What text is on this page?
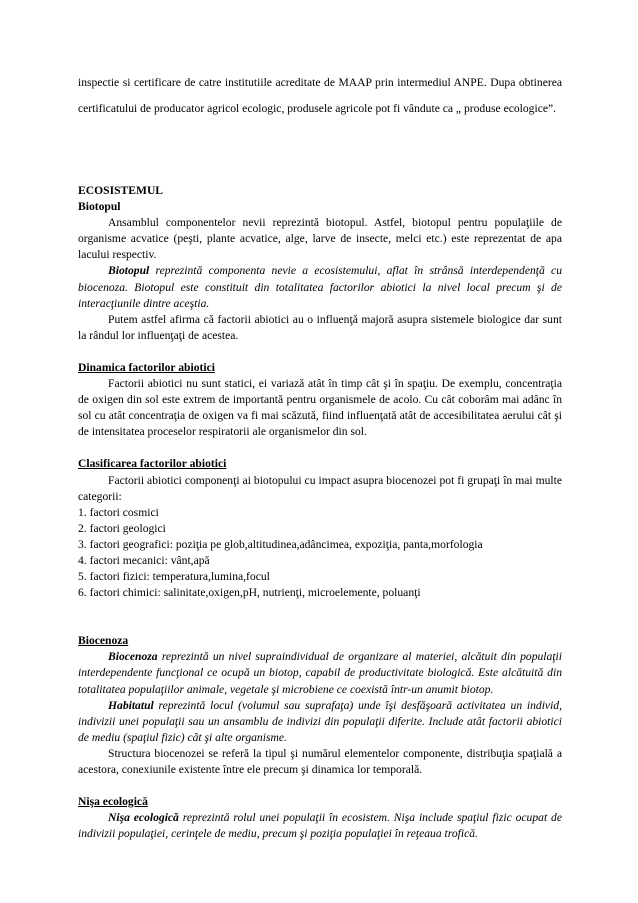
inspectie si certificare de catre institutiile acreditate de MAAP prin intermediul ANPE. Dupa obtinerea certificatului de producator agricol ecologic, produsele agricole pot fi vândute ca „ produse ecologice”.

ECOSISTEMUL
Biotopul

Ansamblul componentelor nevii reprezintă biotopul. Astfel, biotopul pentru populaţiile de organisme acvatice (peşti, plante acvatice, alge, larve de insecte, melci etc.) este reprezentat de apa lacului respectiv.

Biotopul reprezintă componenta nevie a ecosistemului, aflat în strânsă interdependenţă cu biocenoza. Biotopul este constituit din totalitatea factorilor abiotici la nivel local precum şi de interacţiunile dintre aceştia.

Putem astfel afirma că factorii abiotici au o influenţă majoră asupra sistemele biologice dar sunt la rândul lor influenţaţi de acestea.

Dinamica factorilor abiotici

Factorii abiotici nu sunt statici, ei variază atât în timp cât şi în spaţiu. De exemplu, concentraţia de oxigen din sol este extrem de importantă pentru organismele de acolo. Cu cât coborâm mai adânc în sol cu atât concentraţia de oxigen va fi mai scăzută, fiind influenţată atât de accesibilitatea aerului cât şi de intensitatea proceselor respiratorii ale organismelor din sol.

Clasificarea factorilor abiotici

Factorii abiotici componenţi ai biotopului cu impact asupra biocenozei pot fi grupaţi în mai multe categorii:

1. factori cosmici

2. factori geologici

3. factori geografici: poziţia pe glob,altitudinea,adâncimea, expoziţia, panta,morfologia

4. factori mecanici: vânt,apă

5. factori fizici: temperatura,lumina,focul

6. factori chimici: salinitate,oxigen,pH, nutrienţi, microelemente, poluanţi

Biocenoza

Biocenoza reprezintă un nivel supraindividual de organizare al materiei, alcătuit din populaţii interdependente funcţional ce ocupă un biotop, capabil de productivitate biologică. Este alcătuită din totalitatea populaţiilor animale, vegetale şi microbiene ce coexistă într-un anumit biotop.

Habitatul reprezintă locul (volumul sau suprafaţa) unde îşi desfăşoară activitatea un individ, indivizii unei populaţii sau un ansamblu de indivizi din populaţii diferite. Include atât factorii abiotici de mediu (spaţiul fizic) cât şi alte organisme.

Structura biocenozei se referă la tipul şi numărul elementelor componente, distribuţia spaţială a acestora, conexiunile existente între ele precum şi dinamica lor temporală.

Nişa ecologică

Nişa ecologică reprezintă rolul unei populaţii în ecosistem. Nişa include spaţiul fizic ocupat de indivizii populaţiei, cerinţele de mediu, precum şi poziţia populaţiei în reţeaua trofică.
